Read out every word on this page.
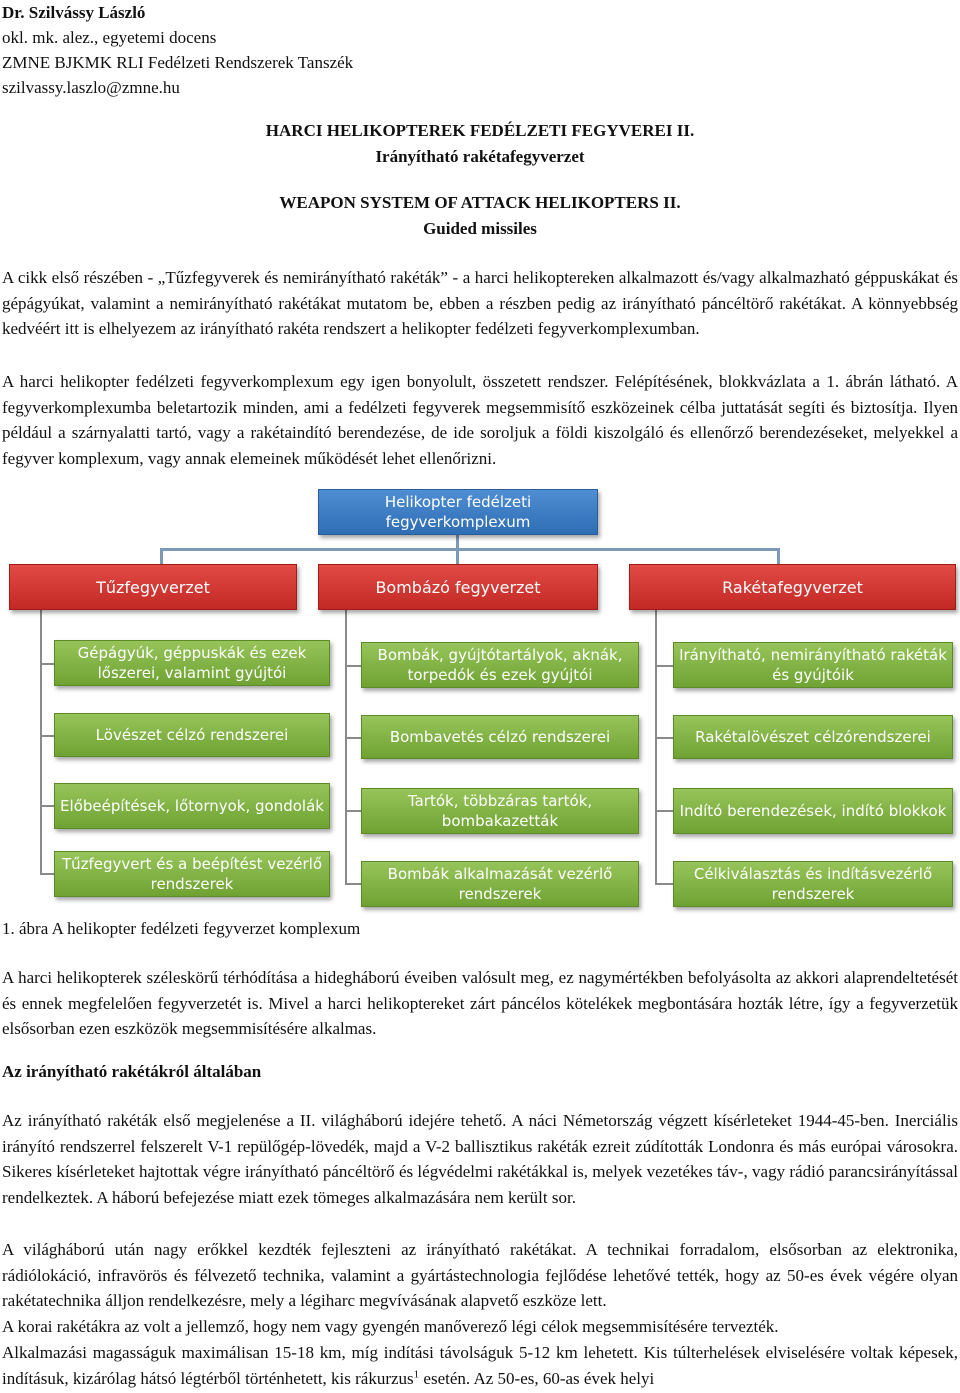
Dr. Szilvássy László
okl. mk. alez., egyetemi docens
ZMNE BJKMK RLI Fedélzeti Rendszerek Tanszék
szilvassy.laszlo@zmne.hu
HARCI HELIKOPTEREK FEDÉLZETI FEGYVEREI II.
Irányítható rakétafegyverzet
WEAPON SYSTEM OF ATTACK HELIKOPTERS II.
Guided missiles
A cikk első részében - „Tűzfegyverek és nemirányítható rakéták” - a harci helikoptereken alkalmazott és/vagy alkalmazható géppuskákat és gépágyúkat, valamint a nemirányítható rakétákat mutatom be, ebben a részben pedig az irányítható páncéltörő rakétákat. A könnyebbség kedvéért itt is elhelyezem az irányítható rakéta rendszert a helikopter fedélzeti fegyverkomplexumban.
A harci helikopter fedélzeti fegyverkomplexum egy igen bonyolult, összetett rendszer. Felépítésének, blokkvázlata a 1. ábrán látható. A fegyverkomplexumba beletartozik minden, ami a fedélzeti fegyverek megsemmisítő eszközeinek célba juttatását segíti és biztosítja. Ilyen például a szárnyalatti tartó, vagy a rakétaindító berendezése, de ide soroljuk a földi kiszolgáló és ellenőrző berendezéseket, melyekkel a fegyver komplexum, vagy annak elemeinek működését lehet ellenőrizni.
Helikopter fedélzeti fegyverkomplexum
Tűzfegyverzet	Bombázó fegyverzet	Rakétafegyverzet
Gépágyúk, géppuskák és ezek lőszerei, valamint gyújtói
Lövészet célzó rendszerei
Előbeépítések, lőtornyok, gondolák
Tűzfegyvert és a beépítést vezérlő rendszerek
Bombák, gyújtótartályok, aknák, torpedók és ezek gyújtói
Bombavetés célzó rendszerei
Tartók, többzáras tartók, bombakazetták
Bombák alkalmazását vezérlő rendszerek
Irányítható, nemirányítható rakéták és gyújtóik
Rakétalövészet célzórendszerei
Indító berendezések, indító blokkok
Célkiválasztás és indításvezérlő rendszerek
1. ábra A helikopter fedélzeti fegyverzet komplexum
A harci helikopterek széleskörű térhódítása a hidegháború éveiben valósult meg, ez nagymértékben befolyásolta az akkori alaprendeltetését és ennek megfelelően fegyverzetét is. Mivel a harci helikoptereket zárt páncélos kötelékek megbontására hozták létre, így a fegyverzetük elsősorban ezen eszközök megsemmisítésére alkalmas.
Az irányítható rakétákról általában
Az irányítható rakéták első megjelenése a II. világháború idejére tehető. A náci Németország végzett kísérleteket 1944-45-ben. Inerciális irányító rendszerrel felszerelt V-1 repülőgép-lövedék, majd a V-2 ballisztikus rakéták ezreit zúdították Londonra és más európai városokra. Sikeres kísérleteket hajtottak végre irányítható páncéltörő és légvédelmi rakétákkal is, melyek vezetékes táv-, vagy rádió parancsirányítással rendelkeztek. A háború befejezése miatt ezek tömeges alkalmazására nem került sor.
A világháború után nagy erőkkel kezdték fejleszteni az irányítható rakétákat. A technikai forradalom, elsősorban az elektronika, rádiólokáció, infravörös és félvezető technika, valamint a gyártástechnologia fejlődése lehetővé tették, hogy az 50-es évek végére olyan rakétatechnika álljon rendelkezésre, mely a légiharc megvívásának alapvető eszköze lett.
A korai rakétákra az volt a jellemző, hogy nem vagy gyengén manőverező légi célok megsemmisítésére tervezték.
Alkalmazási magasságuk maximálisan 15-18 km, míg indítási távolságuk 5-12 km lehetett. Kis túlterhelések elviselésére voltak képesek, indításuk, kizárólag hátsó légtérből történhetett, kis rákurzus$^1$ esetén. Az 50-es, 60-as évek helyi
